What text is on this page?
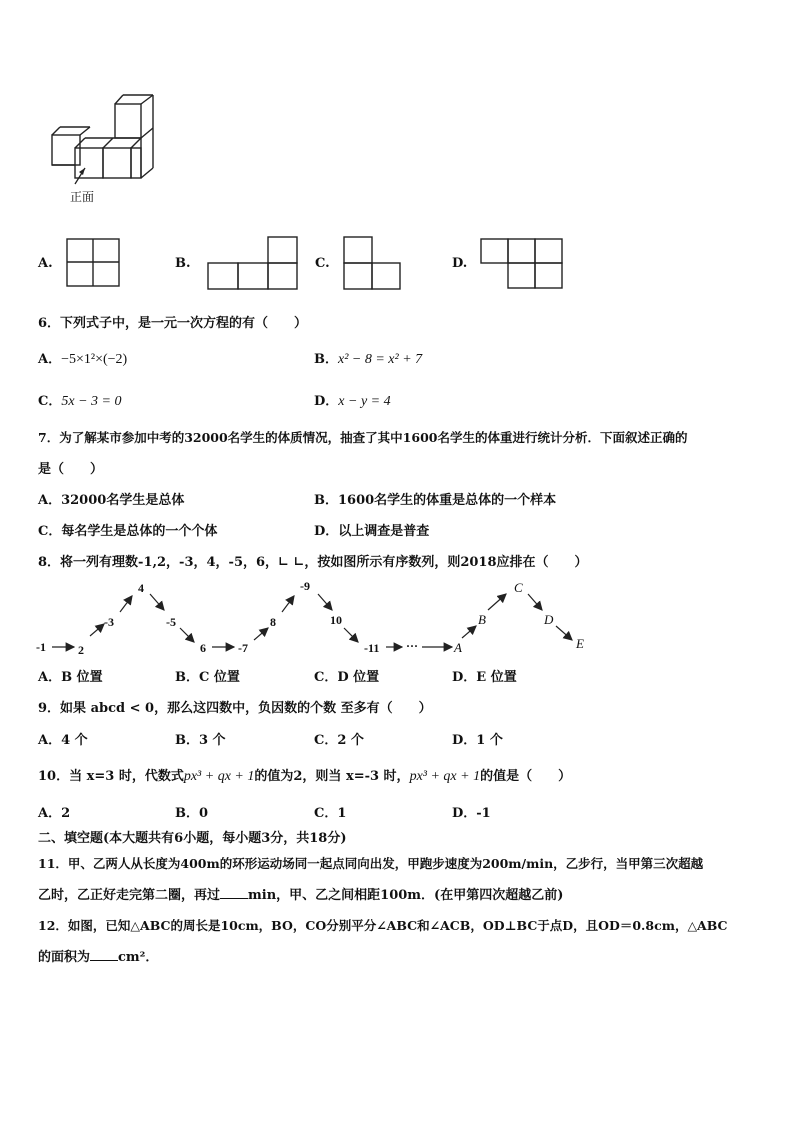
正面
A.	B.	C.	D.
6．下列式子中，是一元一次方程的有（　　）
A．−5×1²×(−2)	B．x² − 8 = x² + 7
C．5x − 3 = 0	D．x − y = 4
7．为了解某市参加中考的32000名学生的体质情况，抽查了其中1600名学生的体重进行统计分析．下面叙述正确的
是（　　）
A．32000名学生是总体	B．1600名学生的体重是总体的一个样本
C．每名学生是总体的一个个体	D．以上调查是普查
8．将一列有理数-1,2，-3，4，-5，6，∟ ∟，按如图所示有序数列，则2018应排在（　　）
-1	2
-3
4
-5
6	-7
8
-9
10
-11 ···	A
B
C
D
E
A．B 位置	B．C 位置	C．D 位置	D．E 位置
9．如果 abcd < 0，那么这四数中，负因数的个数 至多有（　　）
A．4 个	B．3 个	C．2 个	D．1 个
10．当 x=3 时，代数式px³ + qx + 1的值为2，则当 x=-3 时，px³ + qx + 1的值是（　　）
A．2	B．0	C．1	D．-1
二、填空题(本大题共有6小题，每小题3分，共18分)
11．甲、乙两人从长度为400m的环形运动场同一起点同向出发，甲跑步速度为200m/min，乙步行，当甲第三次超越
乙时，乙正好走完第二圈，再过 min，甲、乙之间相距100m．(在甲第四次超越乙前)
12．如图，已知△ABC的周长是10cm，BO，CO分别平分∠ABC和∠ACB，OD⊥BC于点D，且OD＝0.8cm，△ABC
的面积为 cm²．
